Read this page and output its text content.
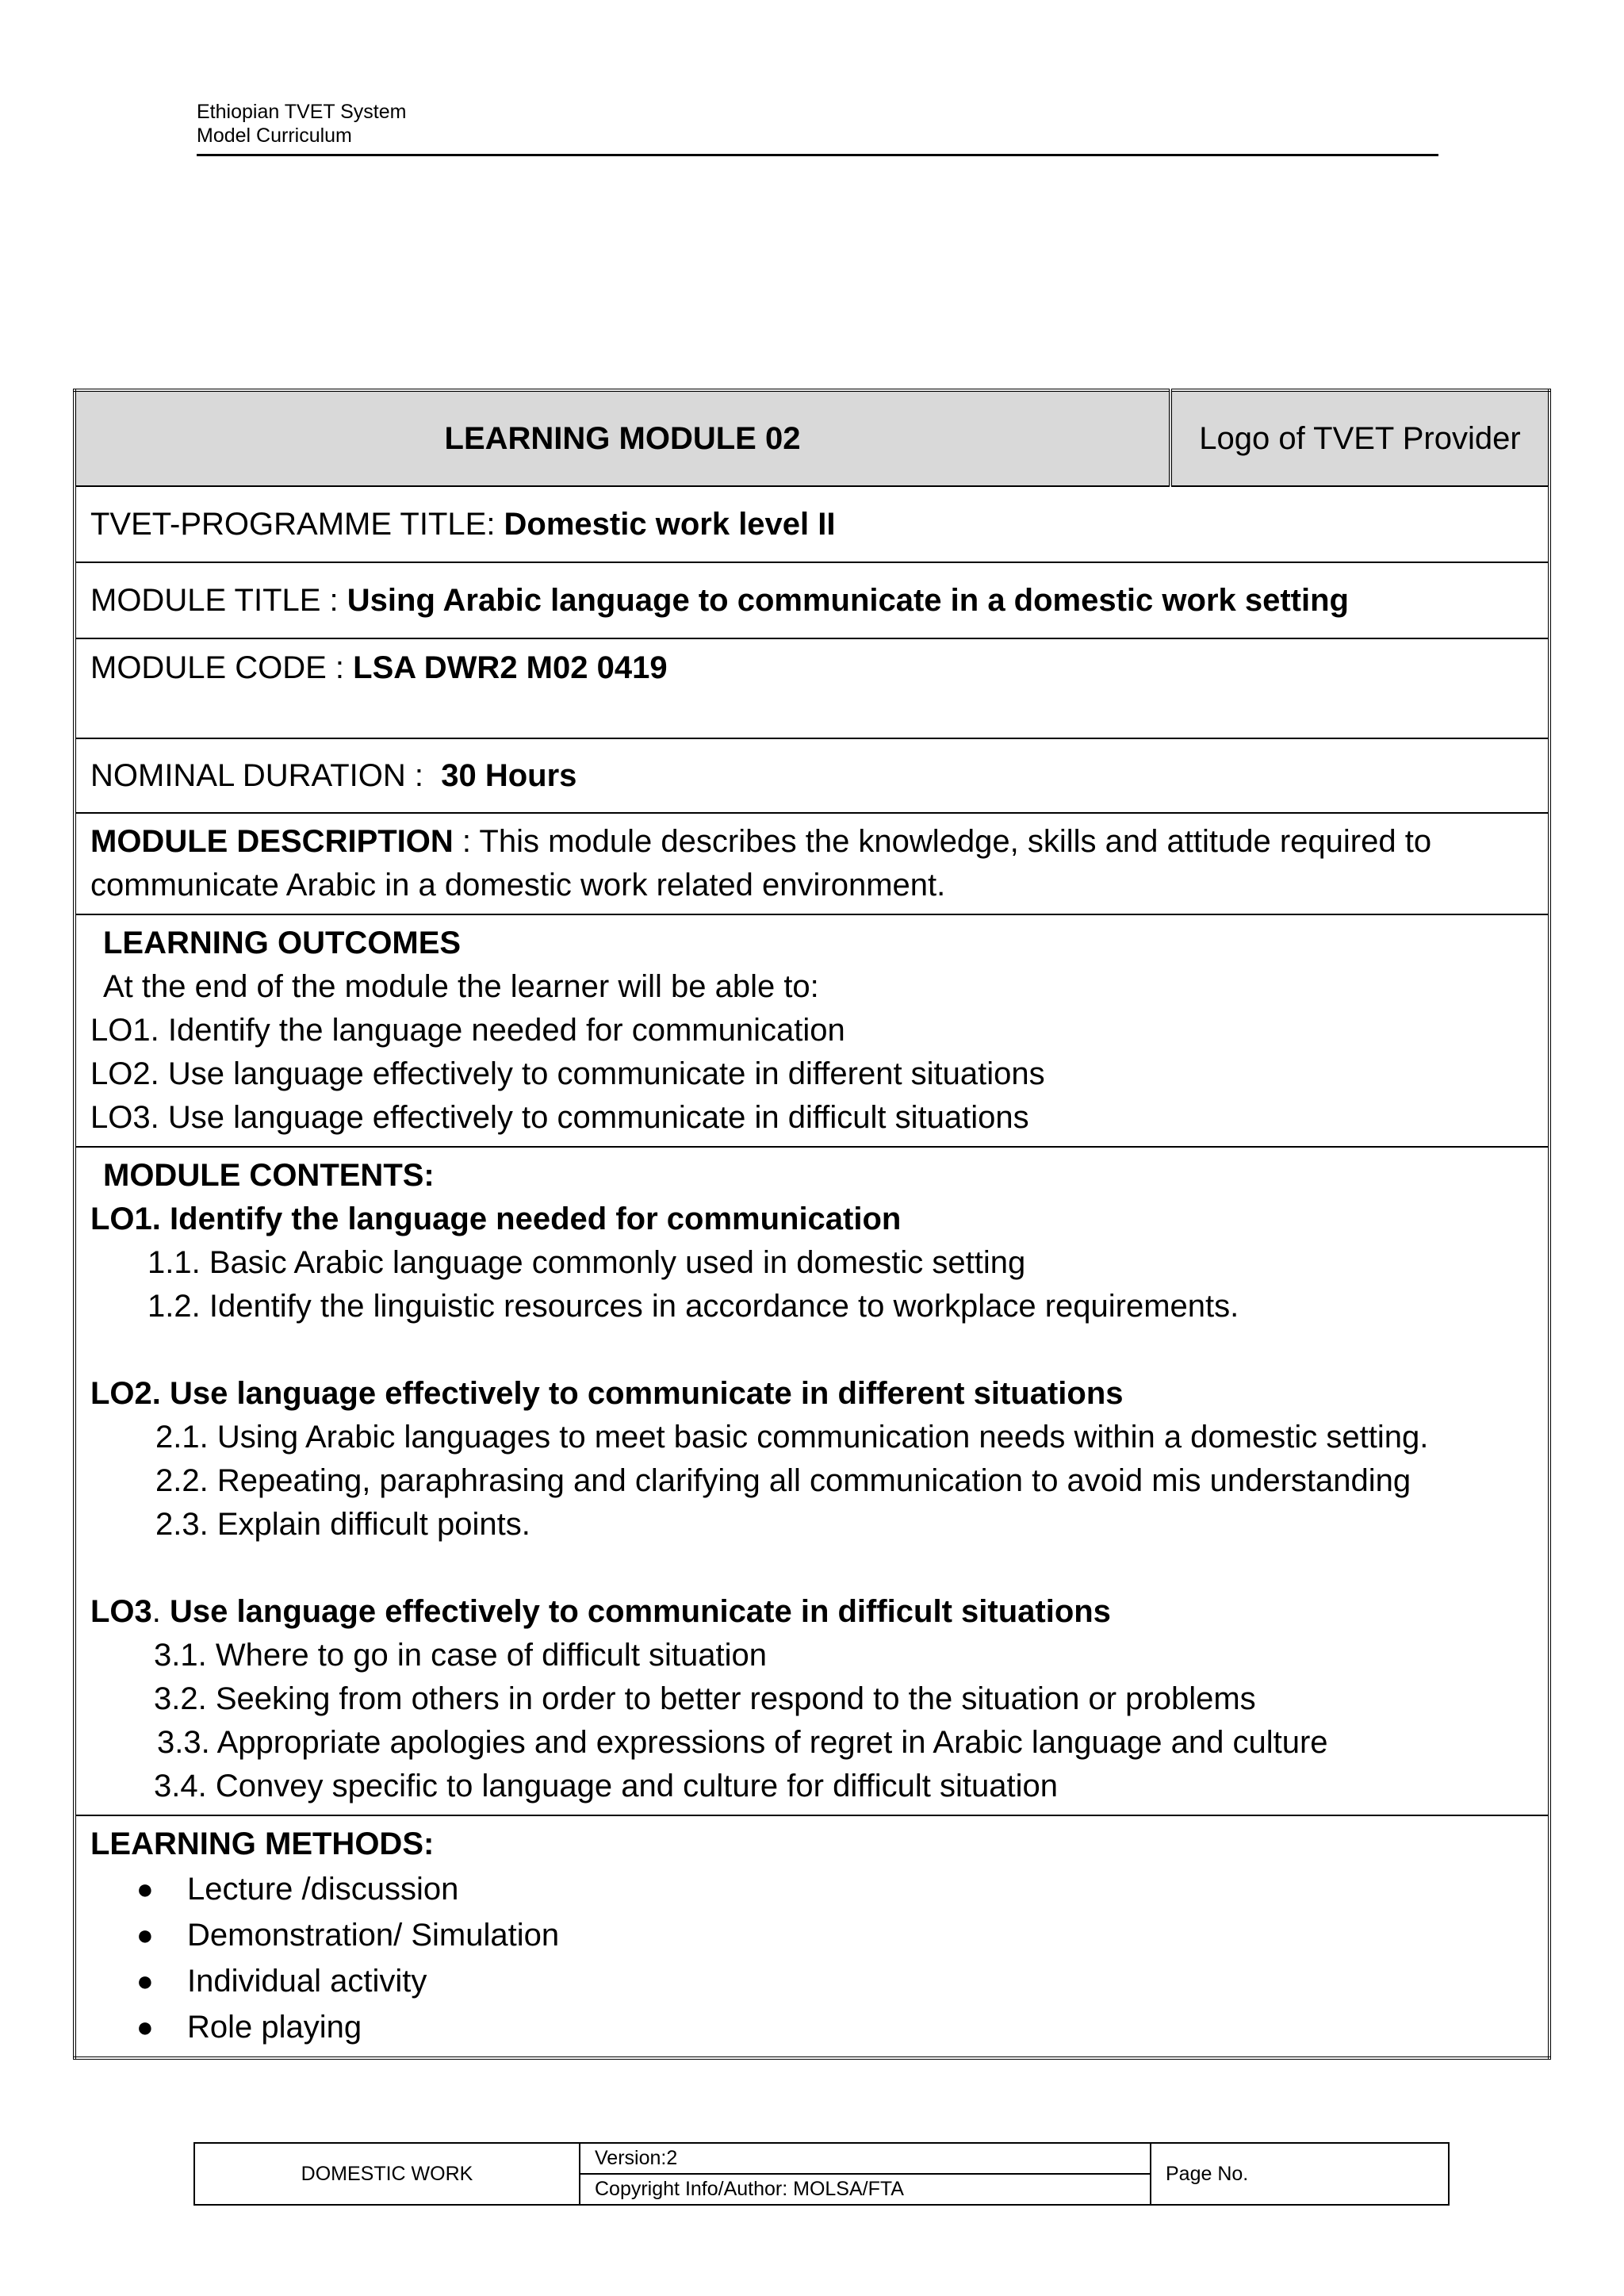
Ethiopian TVET System
Model Curriculum
LEARNING MODULE 02	Logo of TVET Provider
TVET-PROGRAMME TITLE: Domestic work level II
MODULE TITLE : Using Arabic language to communicate in a domestic work setting
MODULE CODE : LSA DWR2 M02 0419
NOMINAL DURATION :  30 Hours

MODULE DESCRIPTION : This module describes the knowledge, skills and attitude required to
communicate Arabic in a domestic work related environment.

LEARNING OUTCOMES
At the end of the module the learner will be able to:
LO1. Identify the language needed for communication
LO2. Use language effectively to communicate in different situations
LO3. Use language effectively to communicate in difficult situations

MODULE CONTENTS:
LO1. Identify the language needed for communication
1.1. Basic Arabic language commonly used in domestic setting
1.2. Identify the linguistic resources in accordance to workplace requirements.
LO2. Use language effectively to communicate in different situations
2.1. Using Arabic languages to meet basic communication needs within a domestic setting.
2.2. Repeating, paraphrasing and clarifying all communication to avoid mis understanding
2.3. Explain difficult points.
LO3. Use language effectively to communicate in difficult situations
3.1. Where to go in case of difficult situation
3.2. Seeking from others in order to better respond to the situation or problems
3.3. Appropriate apologies and expressions of regret in Arabic language and culture
3.4. Convey specific to language and culture for difficult situation

LEARNING METHODS:
● Lecture /discussion
● Demonstration/ Simulation
● Individual activity
● Role playing
DOMESTIC WORK	Version:2	Page No.
Copyright Info/Author: MOLSA/FTA
